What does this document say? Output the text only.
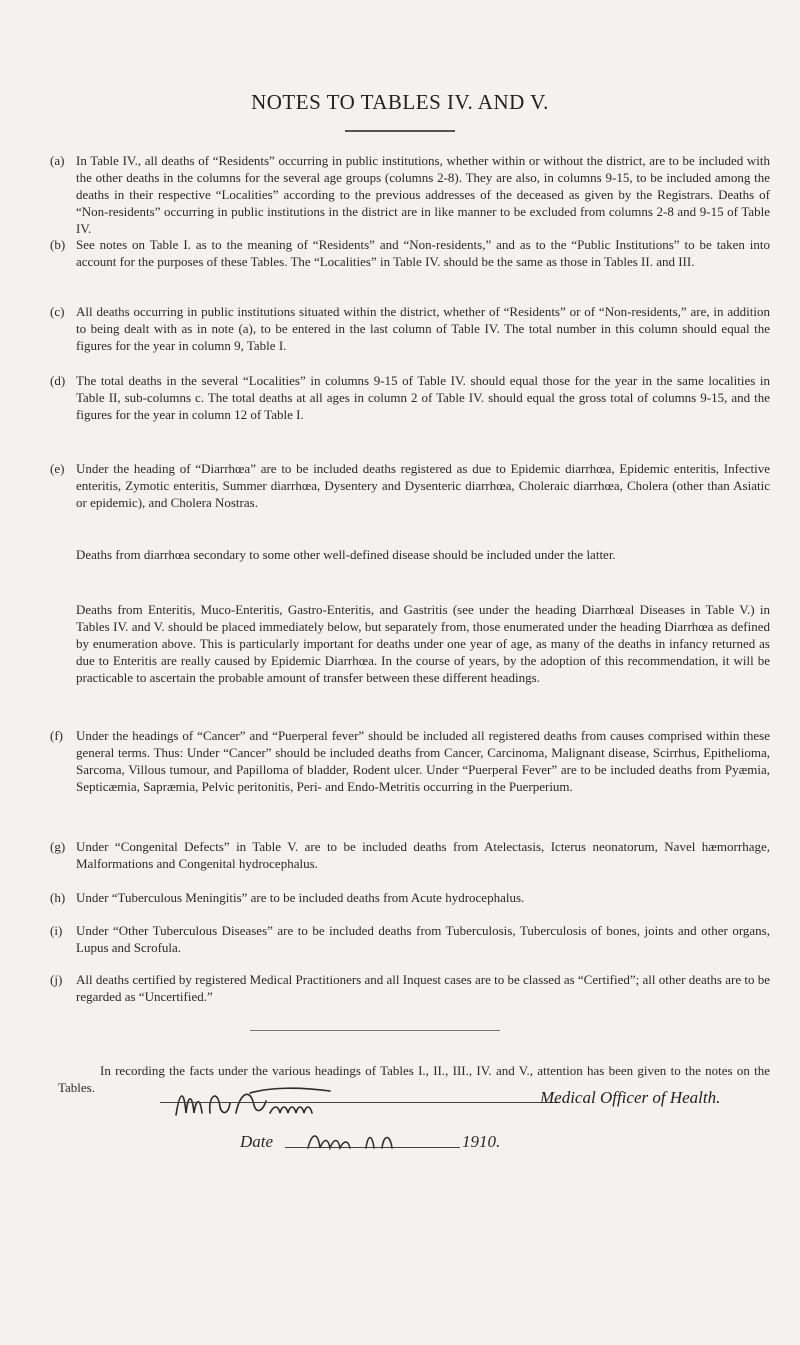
NOTES TO TABLES IV. AND V.
(a) In Table IV., all deaths of “Residents” occurring in public institutions, whether within or without the district, are to be included with the other deaths in the columns for the several age groups (columns 2-8). They are also, in columns 9-15, to be included among the deaths in their respective “Localities” according to the previous addresses of the deceased as given by the Registrars. Deaths of “Non-residents” occurring in public institutions in the district are in like manner to be excluded from columns 2-8 and 9-15 of Table IV.
(b) See notes on Table I. as to the meaning of “Residents” and “Non-residents,” and as to the “Public Institutions” to be taken into account for the purposes of these Tables. The “Localities” in Table IV. should be the same as those in Tables II. and III.
(c) All deaths occurring in public institutions situated within the district, whether of “Residents” or of “Non-residents,” are, in addition to being dealt with as in note (a), to be entered in the last column of Table IV. The total number in this column should equal the figures for the year in column 9, Table I.
(d) The total deaths in the several “Localities” in columns 9-15 of Table IV. should equal those for the year in the same localities in Table II, sub-columns c. The total deaths at all ages in column 2 of Table IV. should equal the gross total of columns 9-15, and the figures for the year in column 12 of Table I.
(e) Under the heading of “Diarrhœa” are to be included deaths registered as due to Epidemic diarrhœa, Epidemic enteritis, Infective enteritis, Zymotic enteritis, Summer diarrhœa, Dysentery and Dysenteric diarrhœa, Choleraic diarrhœa, Cholera (other than Asiatic or epidemic), and Cholera Nostras.
Deaths from diarrhœa secondary to some other well-defined disease should be included under the latter.
Deaths from Enteritis, Muco-Enteritis, Gastro-Enteritis, and Gastritis (see under the heading Diarrhœal Diseases in Table V.) in Tables IV. and V. should be placed immediately below, but separately from, those enumerated under the heading Diarrhœa as defined by enumeration above. This is particularly important for deaths under one year of age, as many of the deaths in infancy returned as due to Enteritis are really caused by Epidemic Diarrhœa. In the course of years, by the adoption of this recommendation, it will be practicable to ascertain the probable amount of transfer between these different headings.
(f)	Under the headings of “Cancer” and “Puerperal fever” should be included all registered deaths from causes comprised within these general terms. Thus: Under “Cancer” should be included deaths from Cancer, Carcinoma, Malignant disease, Scirrhus, Epithelioma, Sarcoma, Villous tumour, and Papilloma of bladder, Rodent ulcer. Under “Puerperal Fever” are to be included deaths from Pyæmia, Septicæmia, Sapræmia, Pelvic peritonitis, Peri- and Endo-Metritis occurring in the Puerperium.
(g) Under “Congenital Defects” in Table V. are to be included deaths from Atelectasis, Icterus neonatorum, Navel hæmorrhage, Malformations and Congenital hydrocephalus.
(h) Under “Tuberculous Meningitis” are to be included deaths from Acute hydrocephalus.
(i)	Under “Other Tuberculous Diseases” are to be included deaths from Tuberculosis, Tuberculosis of bones, joints and other organs, Lupus and Scrofula.
(j)	All deaths certified by registered Medical Practitioners and all Inquest cases are to be classed as “Certified”; all other deaths are to be regarded as “Uncertified.”
In recording the facts under the various headings of Tables I., II., III., IV. and V., attention has been given to the notes on the Tables.
Medical Officer of Health.
Date	1910.
